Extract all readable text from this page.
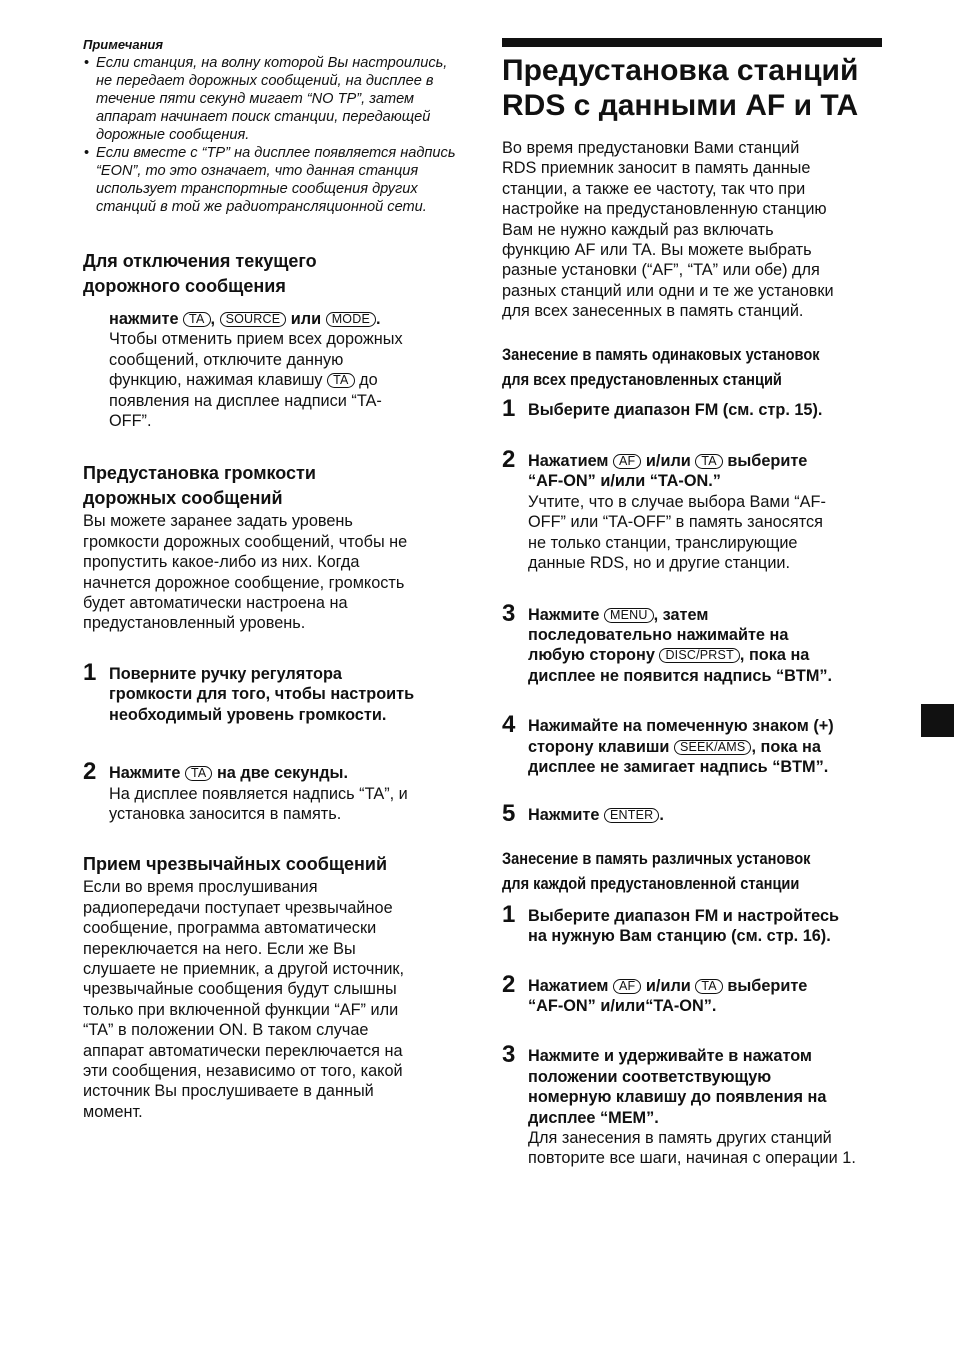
Примечания

• Если станция, на волну которой Вы настроились, не передает дорожных сообщений, на дисплее в течение пяти секунд мигает “NO TP”, затем аппарат начинает поиск станции, передающей дорожные сообщения.
• Если вместе с “TP” на дисплее появляется надпись “EON”, то это означает, что данная станция использует транспортные сообщения других станций в той же радиотрансляционной сети.
Для отключения текущего
дорожного сообщения

нажмите TA , SOURCE или MODE .

Чтобы отменить прием всех дорожных
сообщений, отключите данную
функцию, нажимая клавишу TA до
появления на дисплее надписи “TA-
OFF”.

Предустановка громкости
дорожных сообщений

Вы можете заранее задать уровень
громкости дорожных сообщений, чтобы не
пропустить какое-либо из них. Когда
начнется дорожное сообщение, громкость
будет автоматически настроена на
предустановленный уровень.

1 Поверните ручку регулятора
громкости для того, чтобы настроить
необходимый уровень громкости.

2 Нажмите TA на две секунды.

На дисплее появляется надпись “TA”, и
установка заносится в память.

Прием чрезвычайных сообщений

Если во время прослушивания
радиопередачи поступает чрезвычайное
сообщение, программа автоматически
переключается на него. Если же Вы
слушаете не приемник, а другой источник,
чрезвычайные сообщения будут слышны
только при включенной функции “AF” или
“TA” в положении ON. В таком случае
аппарат автоматически переключается на
эти сообщения, независимо от того, какой
источник Вы прослушиваете в данный
момент.

Предустановка станций
RDS с данными AF и TA

Во время предустановки Вами станций
RDS приемник заносит в память данные
станции, а также ее частоту, так что при
настройке на предустановленную станцию
Вам не нужно каждый раз включать
функцию AF или TA. Вы можете выбрать
разные установки (“AF”, “TA” или обе) для
разных станций или одни и те же установки
для всех занесенных в память станций.

Занесение в память одинаковых установок
для всех предустановленных станций
1 Выберите диапазон FM (см. стр. 15).

2 Нажатием AF и/или TA выберите
“AF-ON” и/или “TA-ON.”

Учтите, что в случае выбора Вами “AF-
OFF” или “TA-OFF” в память заносятся
не только станции, транслирующие
данные RDS, но и другие станции.

3 Нажмите MENU , затем
последовательно нажимайте на
любую сторону DISC/PRST , пока на
дисплее не появится надпись “BTM”.

4 Нажимайте на помеченную знаком (+)
сторону клавиши SEEK/AMS , пока на
дисплее не замигает надпись “BTM”.

5 Нажмите ENTER .

Занесение в память различных установок
для каждой предустановленной станции
1 Выберите диапазон FM и настройтесь
на нужную Вам станцию (см. стр. 16).

2 Нажатием AF и/или TA выберите
“AF-ON” и/или“TA-ON”.

3 Нажмите и удерживайте в нажатом
положении соответствующую
номерную клавишу до появления на
дисплее “MEM”.

Для занесения в память других станций
повторите все шаги, начиная с операции 1.
